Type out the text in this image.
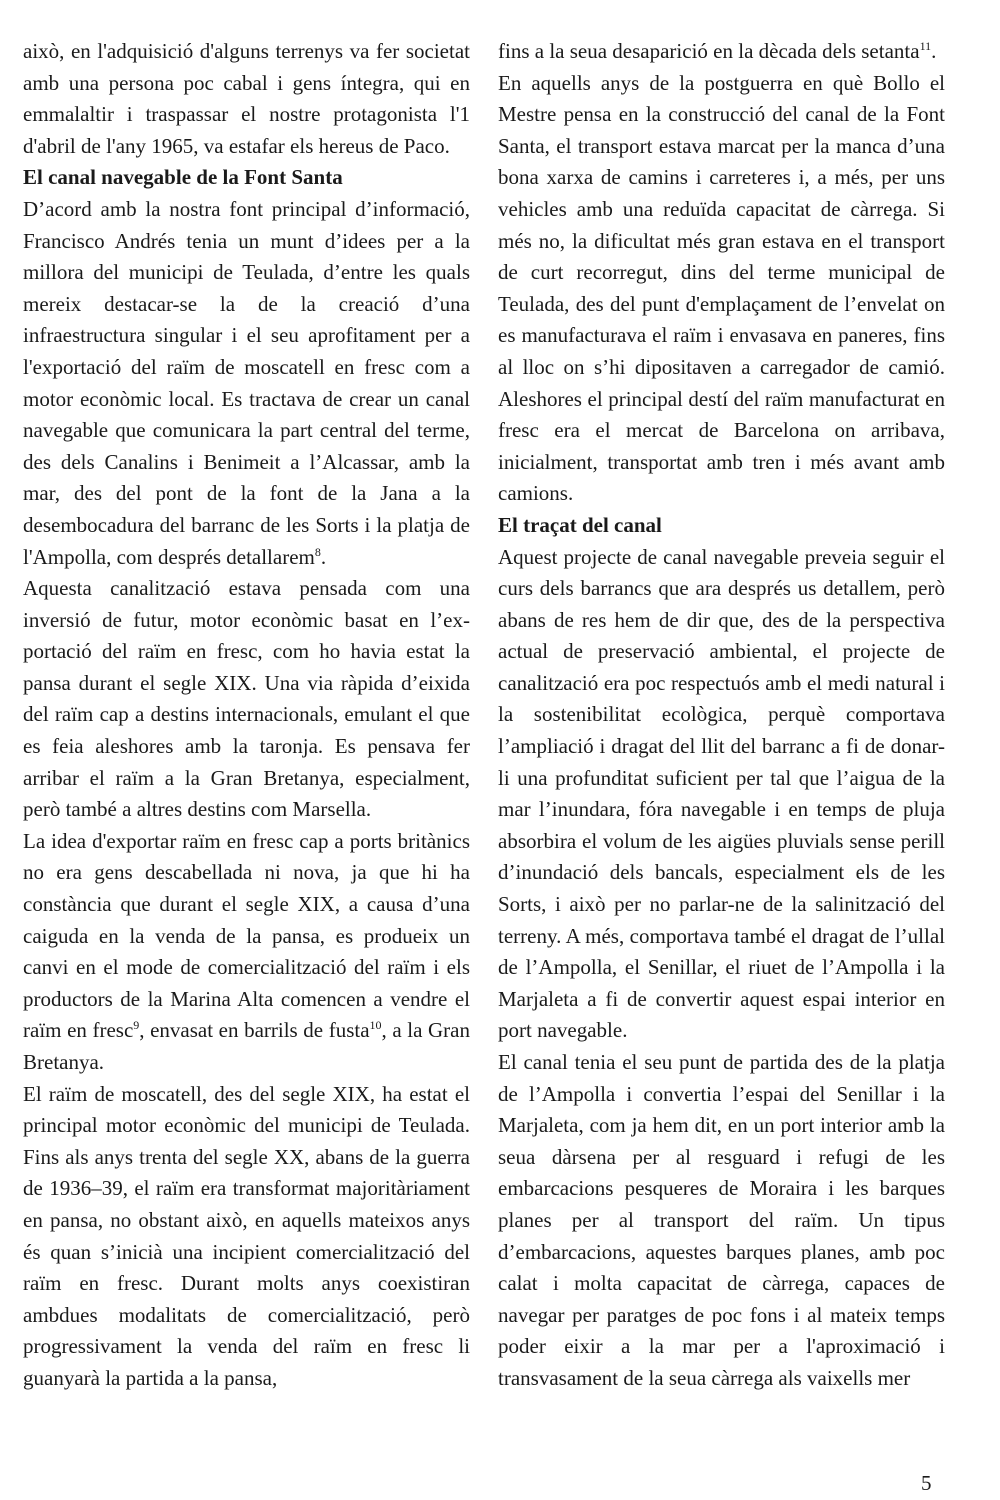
això, en l'adquisició d'alguns terrenys va fer societat amb una persona poc cabal i gens íntegra, qui en emmalaltir i traspassar el nostre protagonista l'1 d'abril de l'any 1965, va estafar els hereus de Paco.

El canal navegable de la Font Santa

D’acord amb la nostra font principal d’informació, Francisco Andrés tenia un munt d’idees per a la millora del municipi de Teulada, d’entre les quals mereix destacar-se la de la creació d’una infraestructura singular i el seu aprofitament per a l'exportació del raïm de moscatell en fresc com a motor econòmic local. Es tractava de crear un canal navegable que comunicara la part central del terme, des dels Canalins i Benimeit a l’Alcassar, amb la mar, des del pont de la font de la Jana a la desembocadura del barranc de les Sorts i la platja de l'Ampolla, com després detallarem$^8$.

Aquesta canalització estava pensada com una inversió de futur, motor econòmic basat en l’exportació del raïm en fresc, com ho havia estat la pansa durant el segle XIX. Una via ràpida d’eixida del raïm cap a destins internacionals, emulant el que es feia aleshores amb la taronja. Es pensava fer arribar el raïm a la Gran Bretanya, especialment, però també a altres destins com Marsella.

La idea d'exportar raïm en fresc cap a ports britànics no era gens descabellada ni nova, ja que hi ha constància que durant el segle XIX, a causa d’una caiguda en la venda de la pansa, es produeix un canvi en el mode de comercialització del raïm i els productors de la Marina Alta comencen a vendre el raïm en fresc$^9$, envasat en barrils de fusta$^{10}$, a la Gran Bretanya.

El raïm de moscatell, des del segle XIX, ha estat el principal motor econòmic del municipi de Teulada. Fins als anys trenta del segle XX, abans de la guerra de 1936–39, el raïm era transformat majoritàriament en pansa, no obstant això, en aquells mateixos anys és quan s’inicià una incipient comercialització del raïm en fresc. Durant molts anys coexistiran ambdues modalitats de comercialització, però progressivament la venda del raïm en fresc li guanyarà la partida a la pansa,

fins a la seua desaparició en la dècada dels setanta$^{11}$.

En aquells anys de la postguerra en què Bollo el Mestre pensa en la construcció del canal de la Font Santa, el transport estava marcat per la manca d’una bona xarxa de camins i carreteres i, a més, per uns vehicles amb una reduïda capacitat de càrrega. Si més no, la dificultat més gran estava en el transport de curt recorregut, dins del terme municipal de Teulada, des del punt d'emplaçament de l’envelat on es manufacturava el raïm i envasava en paneres, fins al lloc on s’hi dipositaven a carregador de camió. Aleshores el principal destí del raïm manufacturat en fresc era el mercat de Barcelona on arribava, inicialment, transportat amb tren i més avant amb camions.

El traçat del canal

Aquest projecte de canal navegable preveia seguir el curs dels barrancs que ara després us detallem, però abans de res hem de dir que, des de la perspectiva actual de preservació ambiental, el projecte de canalització era poc respectuós amb el medi natural i la sostenibilitat ecològica, perquè comportava l’ampliació i dragat del llit del barranc a fi de donar-li una profunditat suficient per tal que l’aigua de la mar l’inundara, fóra navegable i en temps de pluja absorbira el volum de les aigües pluvials sense perill d’inundació dels bancals, especialment els de les Sorts, i això per no parlar-ne de la salinització del terreny. A més, comportava també el dragat de l’ullal de l’Ampolla, el Senillar, el riuet de l’Ampolla i la Marjaleta a fi de convertir aquest espai interior en port navegable.

El canal tenia el seu punt de partida des de la platja de l’Ampolla i convertia l’espai del Senillar i la Marjaleta, com ja hem dit, en un port interior amb la seua dàrsena per al resguard i refugi de les embarcacions pesqueres de Moraira i les barques planes per al transport del raïm. Un tipus d’embarcacions, aquestes barques planes, amb poc calat i molta capacitat de càrrega, capaces de navegar per paratges de poc fons i al mateix temps poder eixir a la mar per a l'aproximació i transvasament de la seua càrrega als vaixells mer

5
